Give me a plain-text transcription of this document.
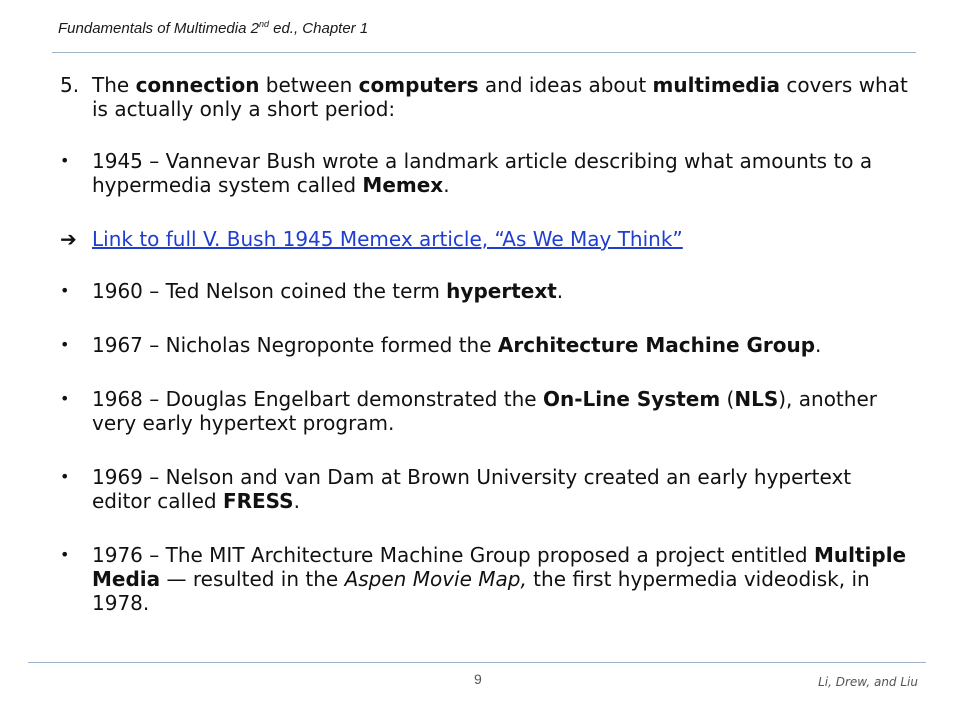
Fundamentals of Multimedia 2nd ed., Chapter 1
5. The connection between computers and ideas about multimedia covers what is actually only a short period:
•	1945 – Vannevar Bush wrote a landmark article describing what amounts to a hypermedia system called Memex.
➔ Link to full V. Bush 1945 Memex article, “As We May Think”
•	1960 – Ted Nelson coined the term hypertext.
•	1967 – Nicholas Negroponte formed the Architecture Machine Group.
•	1968 – Douglas Engelbart demonstrated the On-Line System (NLS), another very early hypertext program.
•	1969 – Nelson and van Dam at Brown University created an early hypertext editor called FRESS.
•	1976 – The MIT Architecture Machine Group proposed a project entitled Multiple Media — resulted in the Aspen Movie Map, the first hypermedia videodisk, in 1978.
9	Li, Drew, and Liu
